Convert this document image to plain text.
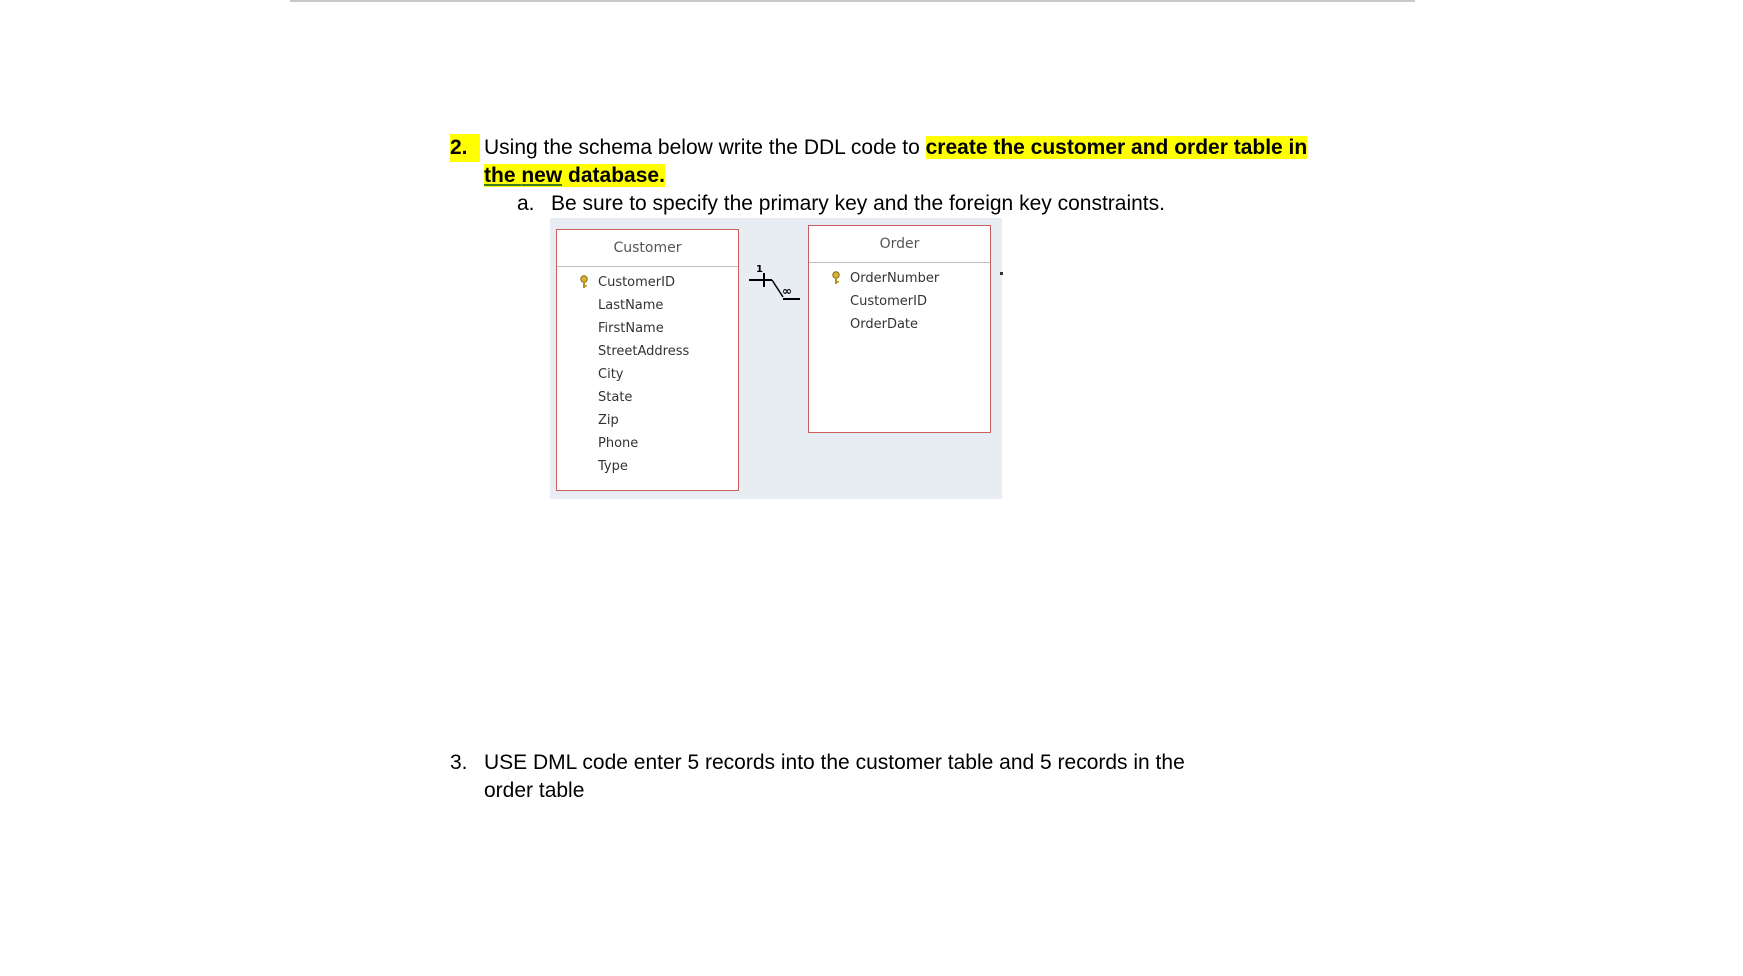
2. Using the schema below write the DDL code to create the customer and order table in the new database.
a. Be sure to specify the primary key and the foreign key constraints.
Customer
CustomerID
LastName
FirstName
StreetAddress
City
State
Zip
Phone
Type
1
∞
Order
OrderNumber
CustomerID
OrderDate
3. USE DML code enter 5 records into the customer table and 5 records in the
order table
